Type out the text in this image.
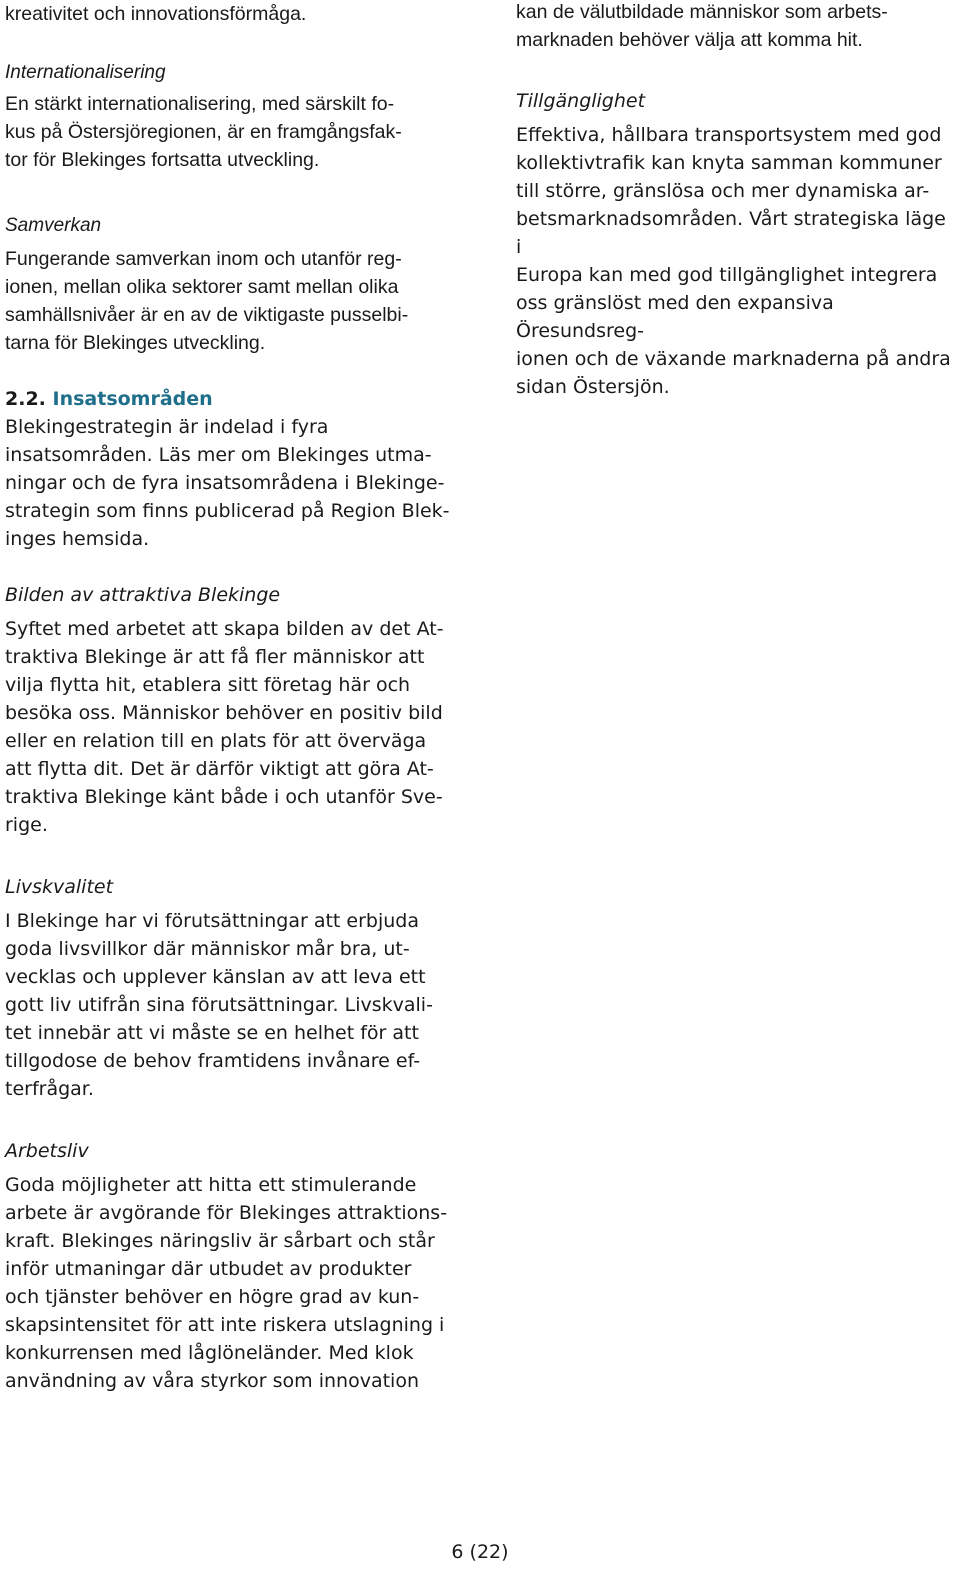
kreativitet och innovationsförmåga.

Internationalisering

En stärkt internationalisering, med särskilt fo-
kus på Östersjöregionen, är en framgångsfak-
tor för Blekinges fortsatta utveckling.

Samverkan

Fungerande samverkan inom och utanför reg-
ionen, mellan olika sektorer samt mellan olika
samhällsnivåer är en av de viktigaste pusselbi-
tarna för Blekinges utveckling.

2.2. Insatsområden

Blekingestrategin är indelad i fyra
insatsområden. Läs mer om Blekinges utma-
ningar och de fyra insatsområdena i Blekinge-
strategin som finns publicerad på Region Blek-
inges hemsida.

Bilden av attraktiva Blekinge

Syftet med arbetet att skapa bilden av det At-
traktiva Blekinge är att få fler människor att
vilja flytta hit, etablera sitt företag här och
besöka oss. Människor behöver en positiv bild
eller en relation till en plats för att överväga
att flytta dit. Det är därför viktigt att göra At-
traktiva Blekinge känt både i och utanför Sve-
rige.

Livskvalitet

I Blekinge har vi förutsättningar att erbjuda
goda livsvillkor där människor mår bra, ut-
vecklas och upplever känslan av att leva ett
gott liv utifrån sina förutsättningar. Livskvali-
tet innebär att vi måste se en helhet för att
tillgodose de behov framtidens invånare ef-
terfrågar.

Arbetsliv

Goda möjligheter att hitta ett stimulerande
arbete är avgörande för Blekinges attraktions-
kraft. Blekinges näringsliv är sårbart och står
inför utmaningar där utbudet av produkter
och tjänster behöver en högre grad av kun-
skapsintensitet för att inte riskera utslagning i
konkurrensen med låglöneländer. Med klok
användning av våra styrkor som innovation

kan de välutbildade människor som arbets-
marknaden behöver välja att komma hit.

Tillgänglighet

Effektiva, hållbara transportsystem med god
kollektivtrafik kan knyta samman kommuner
till större, gränslösa och mer dynamiska ar-
betsmarknadsområden. Vårt strategiska läge i
Europa kan med god tillgänglighet integrera
oss gränslöst med den expansiva Öresundsreg-
ionen och de växande marknaderna på andra
sidan Östersjön.

6 (22)
